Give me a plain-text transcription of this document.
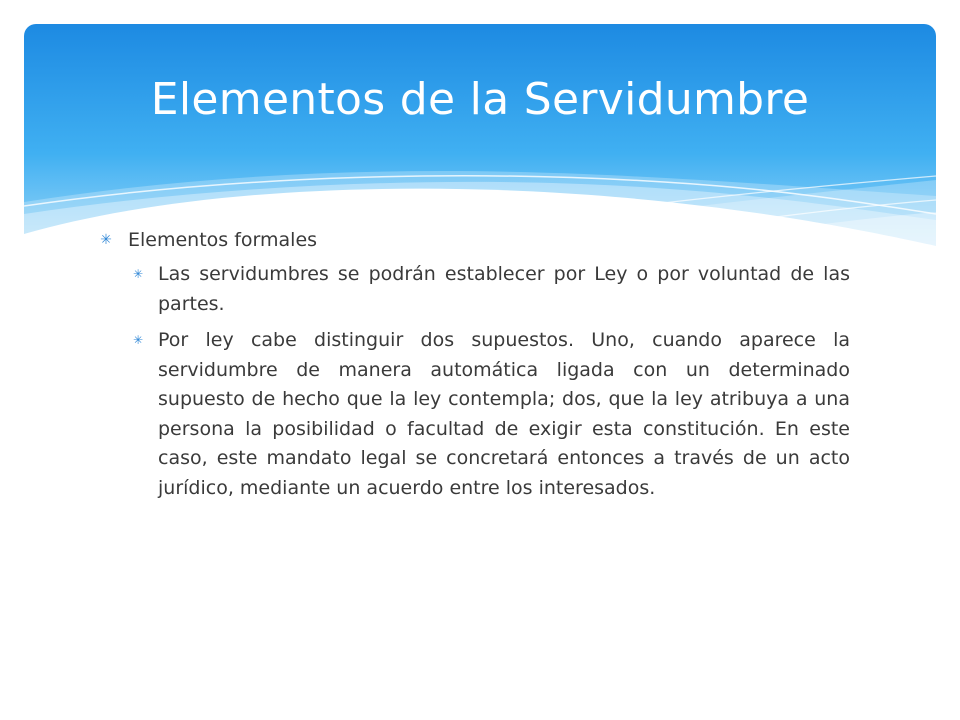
Elementos de la Servidumbre
✳ Elementos formales
✳ Las servidumbres se podrán establecer por Ley o por voluntad de las partes.
✳ Por ley cabe distinguir dos supuestos. Uno, cuando aparece la servidumbre de manera automática ligada con un determinado supuesto de hecho que la ley contempla; dos, que la ley atribuya a una persona la posibilidad o facultad de exigir esta constitución. En este caso, este mandato legal se concretará entonces a través de un acto jurídico, mediante un acuerdo entre los interesados.
